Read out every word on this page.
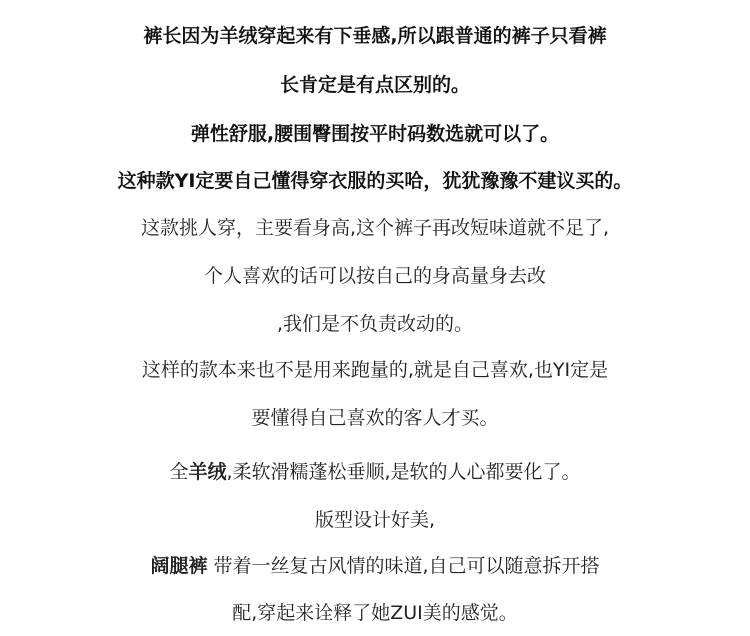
裤长因为羊绒穿起来有下垂感,所以跟普通的裤子只看裤
长肯定是有点区别的。
弹性舒服,腰围臀围按平时码数选就可以了。
这种款YI定要自己懂得穿衣服的买哈，犹犹豫豫不建议买的。
这款挑人穿，主要看身高,这个裤子再改短味道就不足了,
个人喜欢的话可以按自己的身高量身去改
,我们是不负责改动的。
这样的款本来也不是用来跑量的,就是自己喜欢,也YI定是
要懂得自己喜欢的客人才买。
全羊绒,柔软滑糯蓬松垂顺,是软的人心都要化了。
版型设计好美,
阔腿裤 带着一丝复古风情的味道,自己可以随意拆开搭
配,穿起来诠释了她ZUI美的感觉。
